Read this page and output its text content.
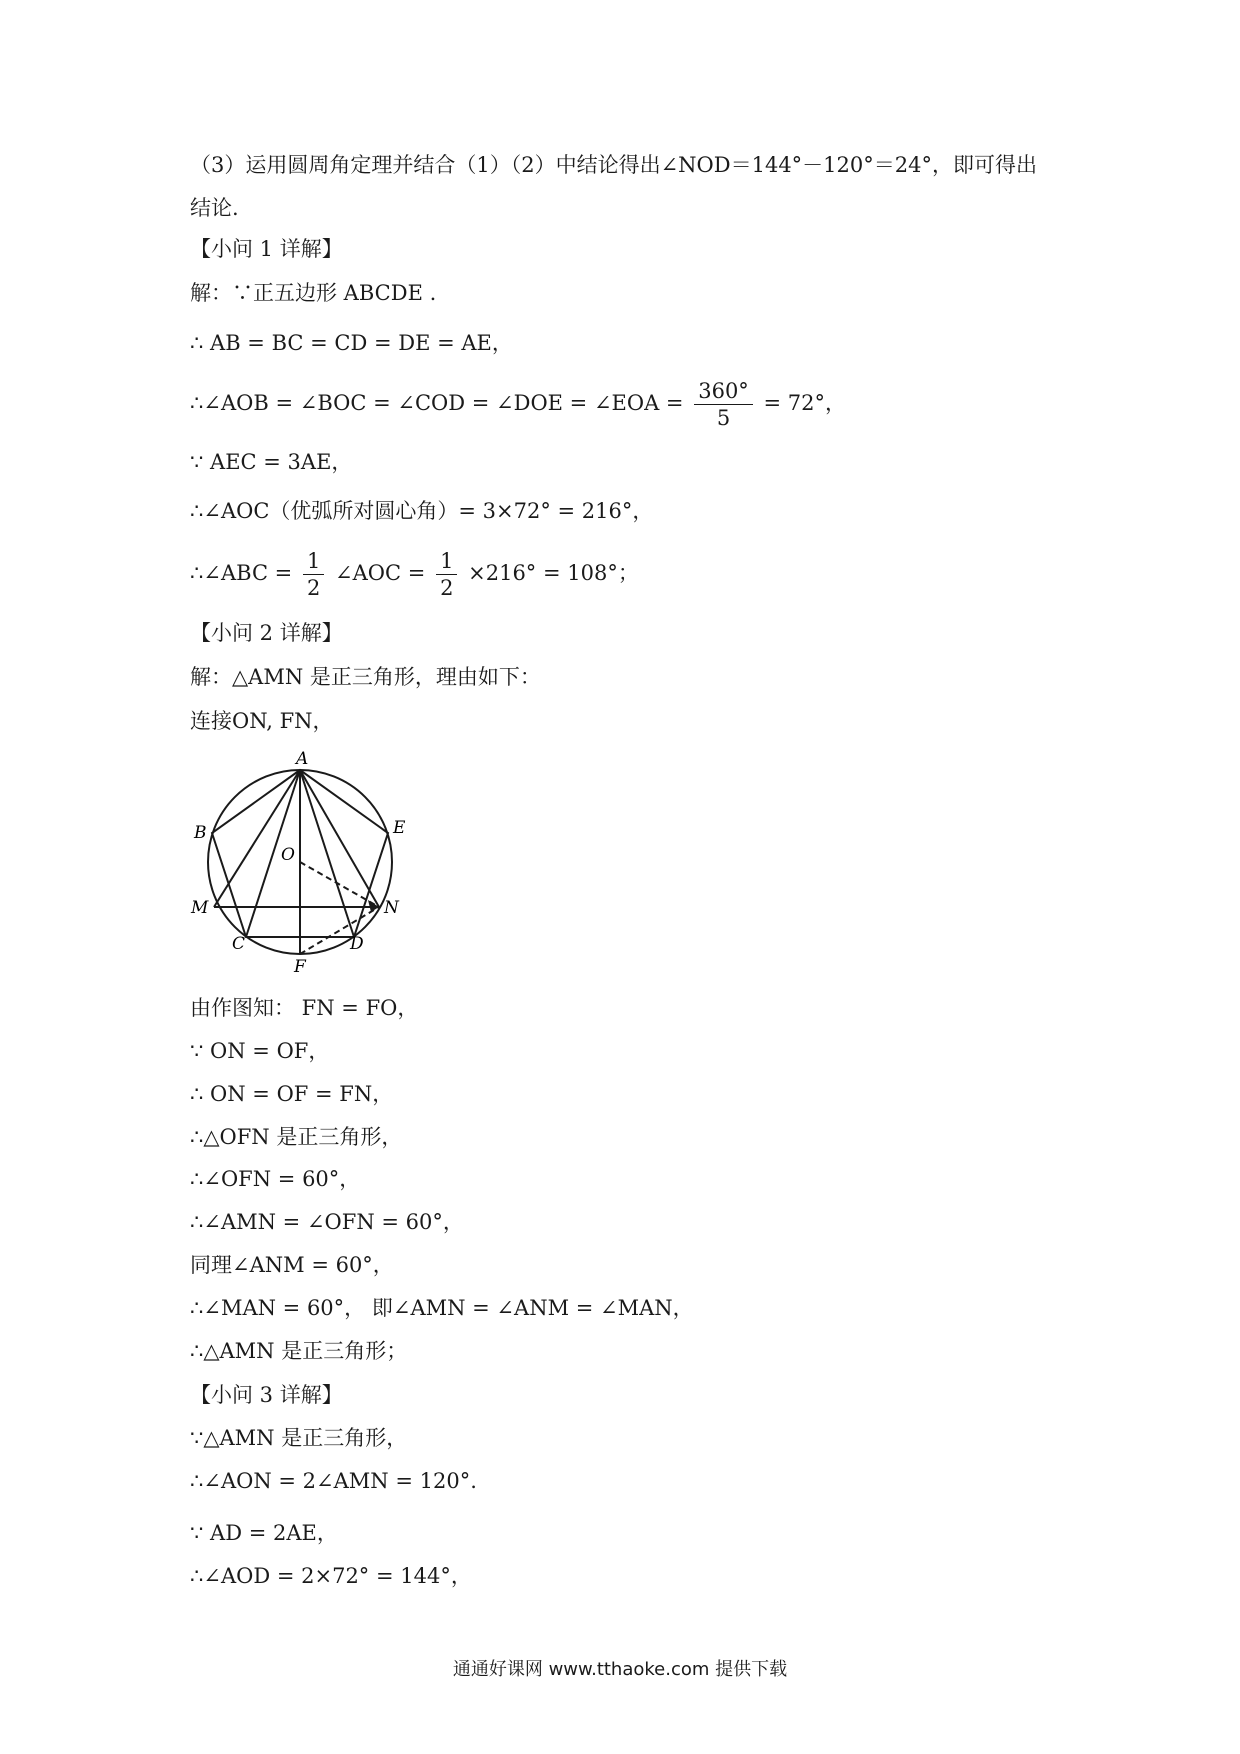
（3）运用圆周角定理并结合（1）（2）中结论得出∠NOD＝144°－120°＝24°，即可得出
结论.
【小问 1 详解】
解：∵正五边形 ABCDE .
∴ AB = BC = CD = DE = AE，
∴∠AOB = ∠BOC = ∠COD = ∠DOE = ∠EOA = $\frac{360^\circ}{5} = 72^\circ$，
∵ AEC = 3AE，
∴∠AOC（优弧所对圆心角）= 3×72° = 216°，
∴∠ABC = $\frac{1}{2}$ ∠AOC = $\frac{1}{2} \times 216^\circ = 108^\circ$；
【小问 2 详解】
解：△AMN 是正三角形，理由如下：
连接ON, FN，
A
B	E
O
M	N
C	D
F
由作图知： FN = FO，
∵ ON = OF，
∴ ON = OF = FN，
∴△OFN 是正三角形，
∴∠OFN = 60°，
∴∠AMN = ∠OFN = 60°，
同理∠ANM = 60°，
∴∠MAN = 60°， 即∠AMN = ∠ANM = ∠MAN，
∴△AMN 是正三角形；
【小问 3 详解】
∵△AMN 是正三角形，
∴∠AON = 2∠AMN = 120°.
∵ AD = 2AE，
∴∠AOD = 2×72° = 144°，
通通好课网 www.tthaoke.com 提供下载
